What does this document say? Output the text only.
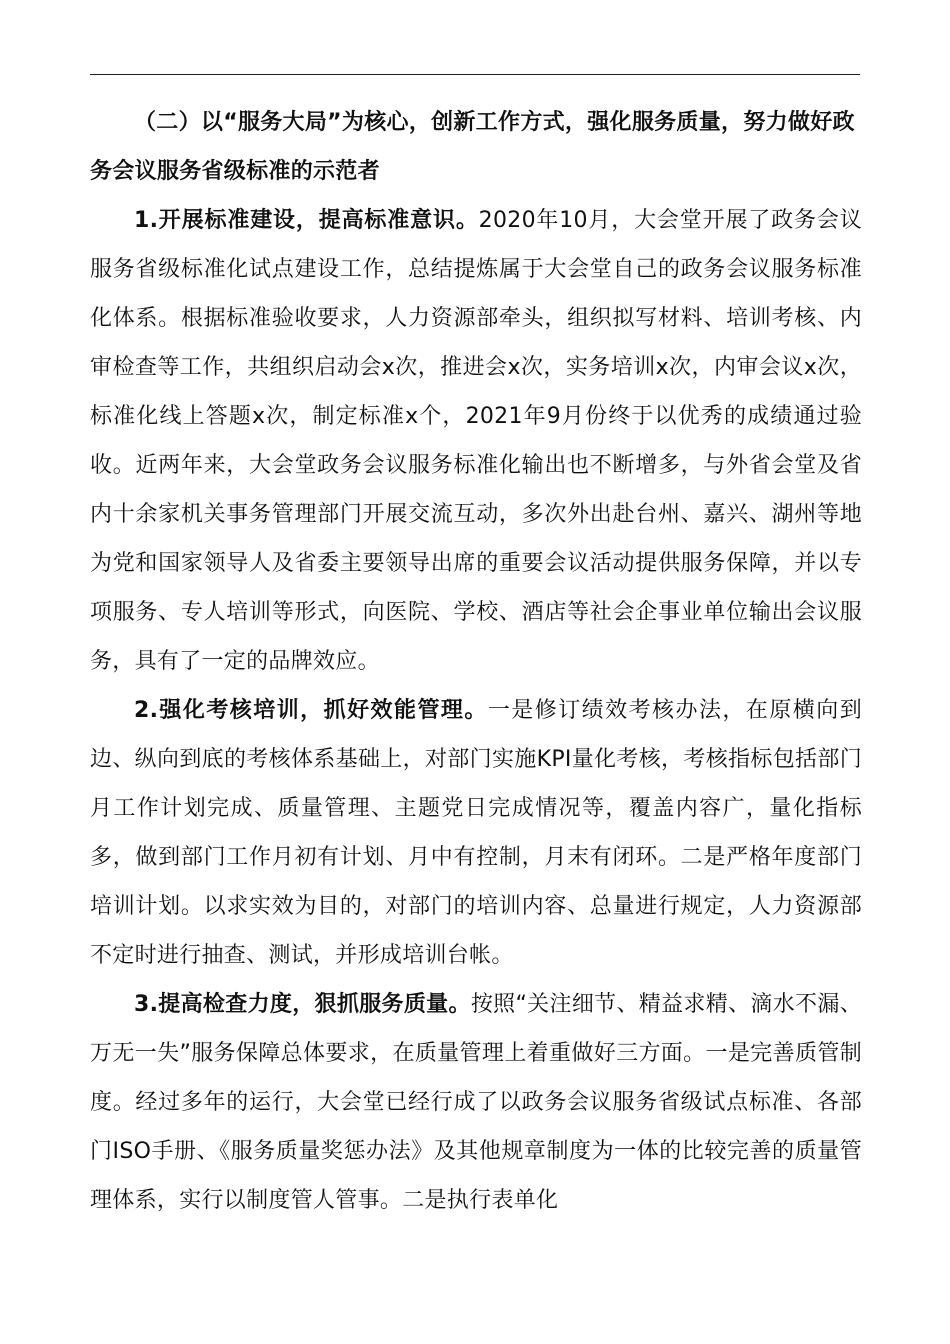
（二）以“服务大局”为核心，创新工作方式，强化服务质量，努力做好政务会议服务省级标准的示范者

1.开展标准建设，提高标准意识。2020年10月，大会堂开展了政务会议服务省级标准化试点建设工作，总结提炼属于大会堂自己的政务会议服务标准化体系。根据标准验收要求，人力资源部牵头，组织拟写材料、培训考核、内审检查等工作，共组织启动会x次，推进会x次，实务培训x次，内审会议x次，标准化线上答题x次，制定标准x个，2021年9月份终于以优秀的成绩通过验收。近两年来，大会堂政务会议服务标准化输出也不断增多，与外省会堂及省内十余家机关事务管理部门开展交流互动，多次外出赴台州、嘉兴、湖州等地为党和国家领导人及省委主要领导出席的重要会议活动提供服务保障，并以专项服务、专人培训等形式，向医院、学校、酒店等社会企事业单位输出会议服务，具有了一定的品牌效应。

2.强化考核培训，抓好效能管理。一是修订绩效考核办法，在原横向到边、纵向到底的考核体系基础上，对部门实施KPI量化考核，考核指标包括部门月工作计划完成、质量管理、主题党日完成情况等，覆盖内容广，量化指标多，做到部门工作月初有计划、月中有控制，月末有闭环。二是严格年度部门培训计划。以求实效为目的，对部门的培训内容、总量进行规定，人力资源部不定时进行抽查、测试，并形成培训台帐。

3.提高检查力度，狠抓服务质量。按照“关注细节、精益求精、滴水不漏、万无一失”服务保障总体要求，在质量管理上着重做好三方面。一是完善质管制度。经过多年的运行，大会堂已经行成了以政务会议服务省级试点标准、各部门ISO手册、《服务质量奖惩办法》及其他规章制度为一体的比较完善的质量管理体系，实行以制度管人管事。二是执行表单化
